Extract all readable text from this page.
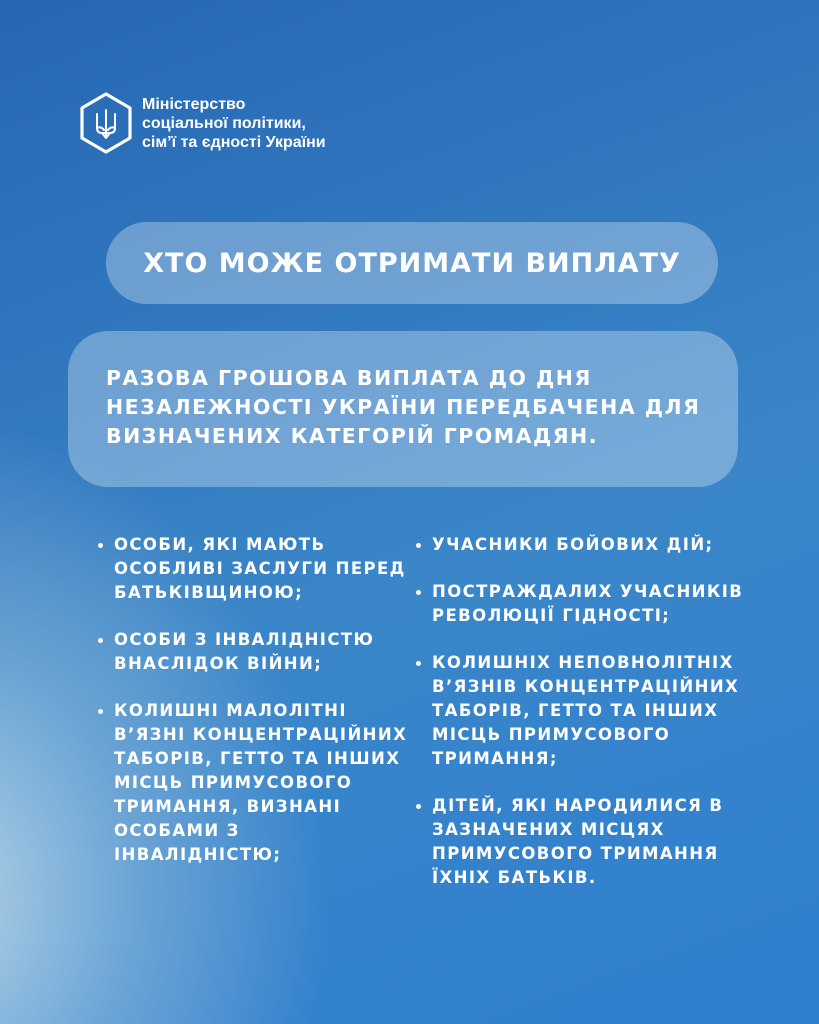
Міністерство
соціальної політики,
сім’ї та єдності України
ХТО МОЖЕ ОТРИМАТИ ВИПЛАТУ

РАЗОВА ГРОШОВА ВИПЛАТА ДО ДНЯ НЕЗАЛЕЖНОСТІ УКРАЇНИ ПЕРЕДБАЧЕНА ДЛЯ ВИЗНАЧЕНИХ КАТЕГОРІЙ ГРОМАДЯН.

ОСОБИ, ЯКІ МАЮТЬ ОСОБЛИВІ ЗАСЛУГИ ПЕРЕД БАТЬКІВЩИНОЮ;
ОСОБИ З ІНВАЛІДНІСТЮ ВНАСЛІДОК ВІЙНИ;
КОЛИШНІ МАЛОЛІТНІ В’ЯЗНІ КОНЦЕНТРАЦІЙНИХ ТАБОРІВ, ГЕТТО ТА ІНШИХ МІСЦЬ ПРИМУСОВОГО ТРИМАННЯ, ВИЗНАНІ ОСОБАМИ З ІНВАЛІДНІСТЮ;
УЧАСНИКИ БОЙОВИХ ДІЙ;
ПОСТРАЖДАЛИХ УЧАСНИКІВ РЕВОЛЮЦІЇ ГІДНОСТІ;
КОЛИШНІХ НЕПОВНОЛІТНІХ В’ЯЗНІВ КОНЦЕНТРАЦІЙНИХ ТАБОРІВ, ГЕТТО ТА ІНШИХ МІСЦЬ ПРИМУСОВОГО ТРИМАННЯ;
ДІТЕЙ, ЯКІ НАРОДИЛИСЯ В ЗАЗНАЧЕНИХ МІСЦЯХ ПРИМУСОВОГО ТРИМАННЯ ЇХНІХ БАТЬКІВ.
